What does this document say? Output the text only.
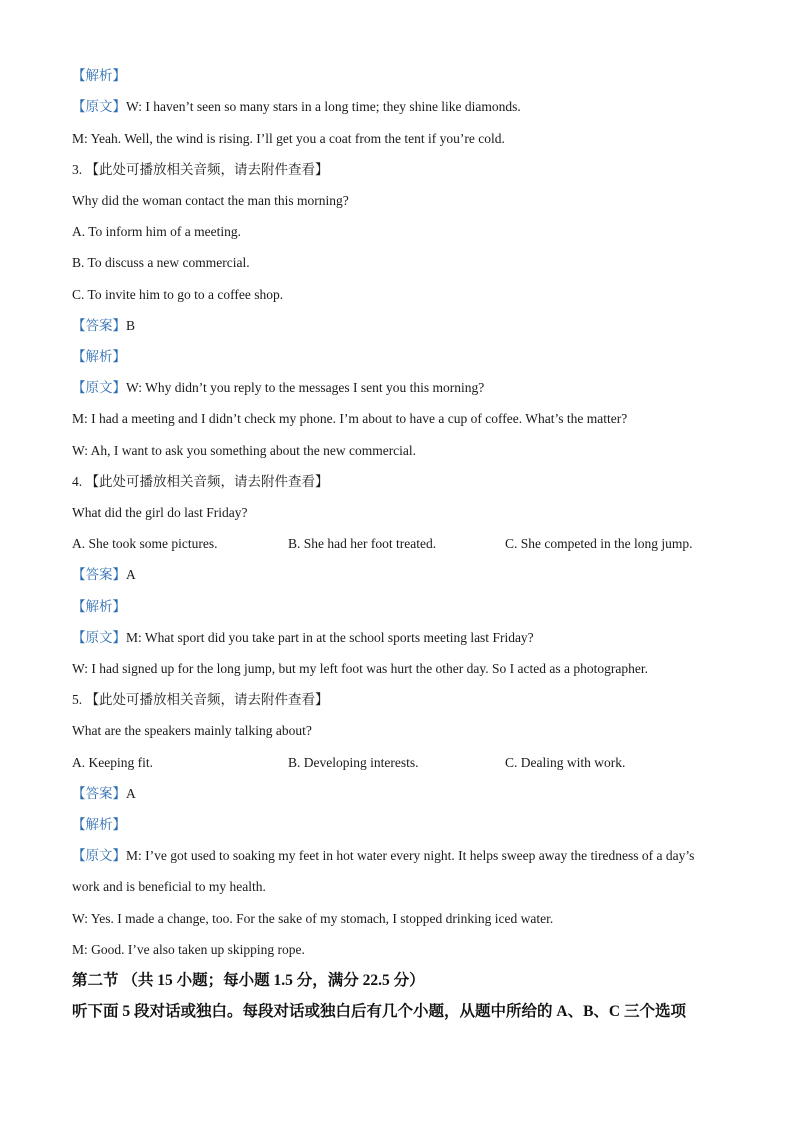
【解析】
【原文】W: I haven’t seen so many stars in a long time; they shine like diamonds.
M: Yeah. Well, the wind is rising. I’ll get you a coat from the tent if you’re cold.
3. 【此处可播放相关音频，请去附件查看】
Why did the woman contact the man this morning?
A. To inform him of a meeting.
B. To discuss a new commercial.
C. To invite him to go to a coffee shop.
【答案】B
【解析】
【原文】W: Why didn’t you reply to the messages I sent you this morning?
M: I had a meeting and I didn’t check my phone. I’m about to have a cup of coffee. What’s the matter?
W: Ah, I want to ask you something about the new commercial.
4. 【此处可播放相关音频，请去附件查看】
What did the girl do last Friday?
A. She took some pictures.	B. She had her foot treated.	C. She competed in the long jump.
【答案】A
【解析】
【原文】M: What sport did you take part in at the school sports meeting last Friday?
W: I had signed up for the long jump, but my left foot was hurt the other day. So I acted as a photographer.
5. 【此处可播放相关音频，请去附件查看】
What are the speakers mainly talking about?
A. Keeping fit.	B. Developing interests.	C. Dealing with work.
【答案】A
【解析】
【原文】M: I’ve got used to soaking my feet in hot water every night. It helps sweep away the tiredness of a day’s
work and is beneficial to my health.
W: Yes. I made a change, too. For the sake of my stomach, I stopped drinking iced water.
M: Good. I’ve also taken up skipping rope.
第二节 （共 15 小题；每小题 1.5 分，满分 22.5 分）
听下面 5 段对话或独白。每段对话或独白后有几个小题，从题中所给的 A、B、C 三个选项
